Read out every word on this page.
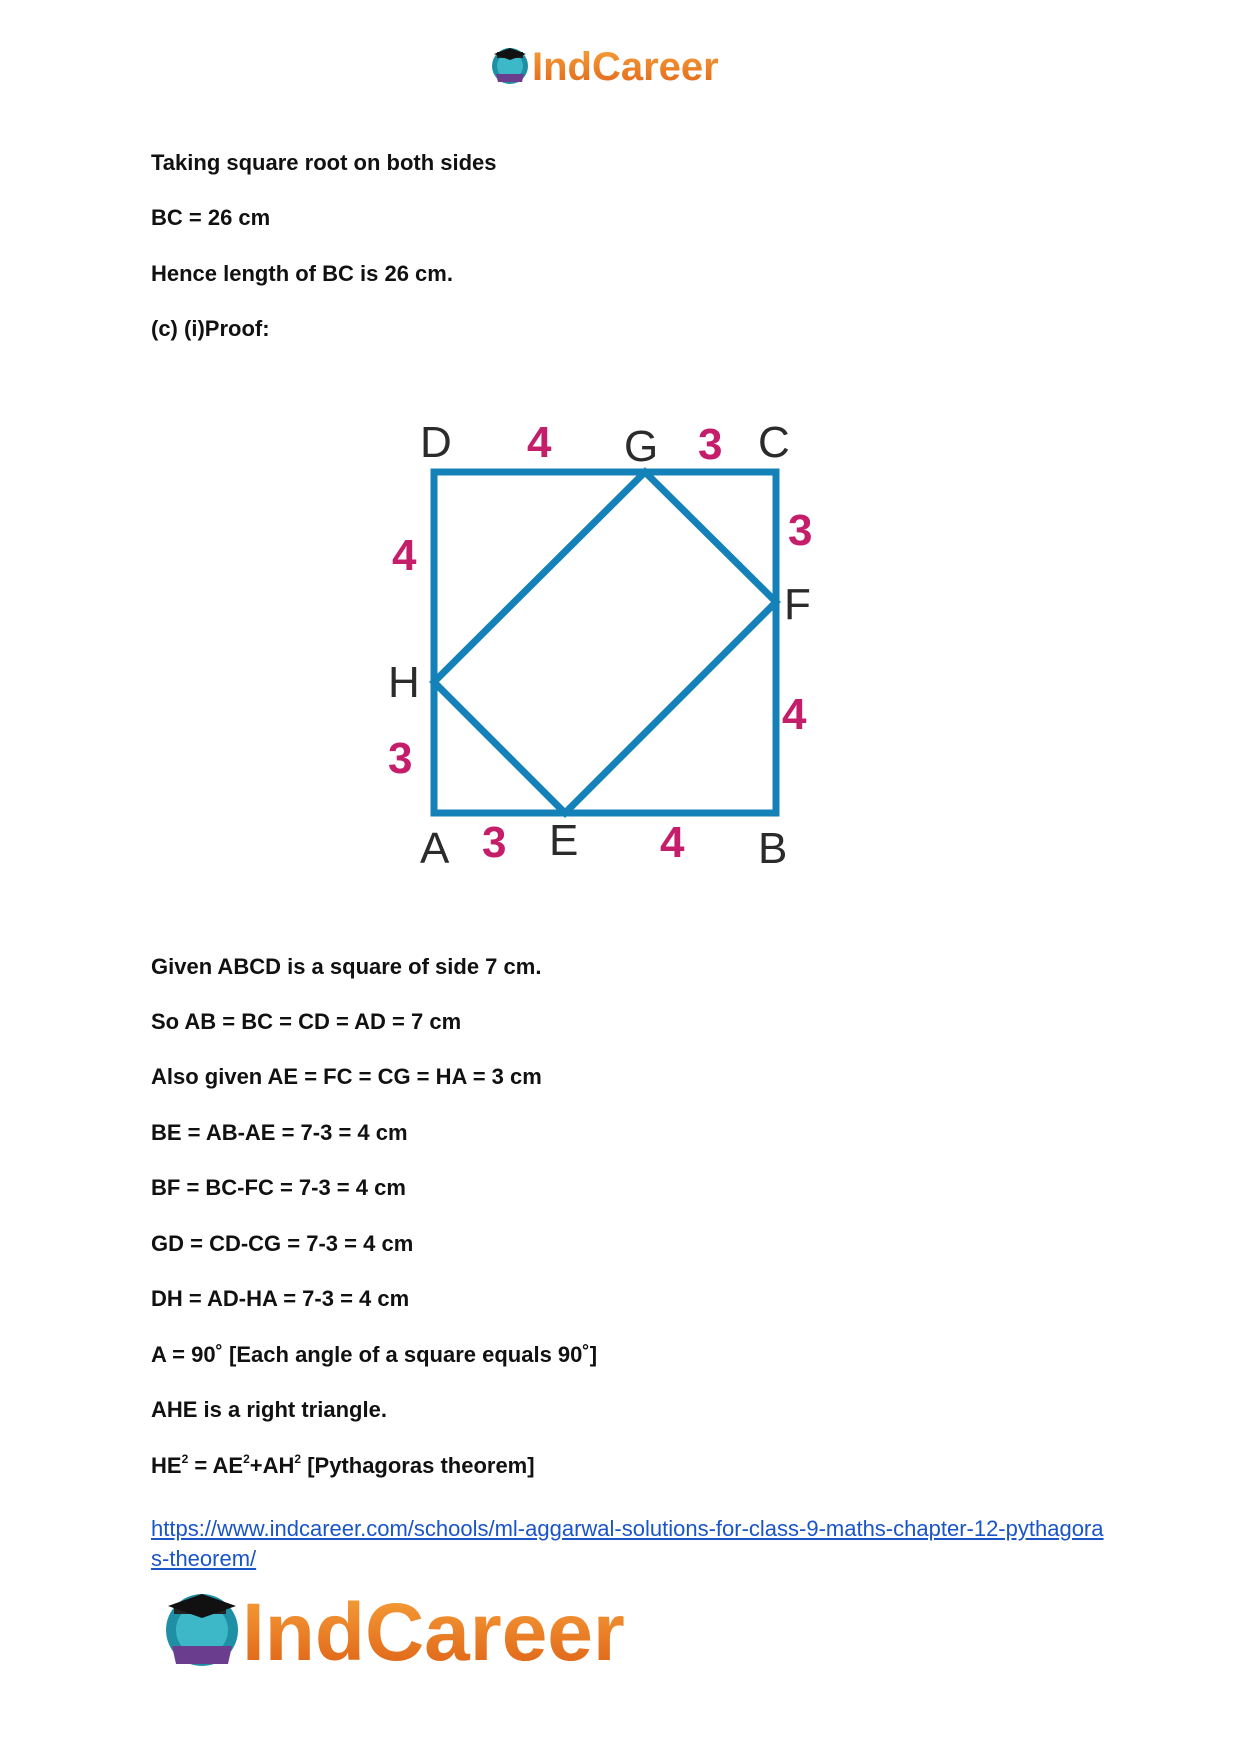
IndCareer
Taking square root on both sides
BC = 26 cm
Hence length of BC is 26 cm.
(c) (i)Proof:
D	G C
F
H
A E	B
4	3
3
4
3	4
4
3
Given ABCD is a square of side 7 cm.
So AB = BC = CD = AD = 7 cm
Also given AE = FC = CG = HA = 3 cm
BE = AB-AE = 7-3 = 4 cm
BF = BC-FC = 7-3 = 4 cm
GD = CD-CG = 7-3 = 4 cm
DH = AD-HA = 7-3 = 4 cm
A = 90˚ [Each angle of a square equals 90˚]
AHE is a right triangle.
$HE^2 = AE^2+AH^2$ [Pythagoras theorem]
https://www.indcareer.com/schools/ml-aggarwal-solutions-for-class-9-maths-chapter-12-pythagoras-theorem/
IndCareer
